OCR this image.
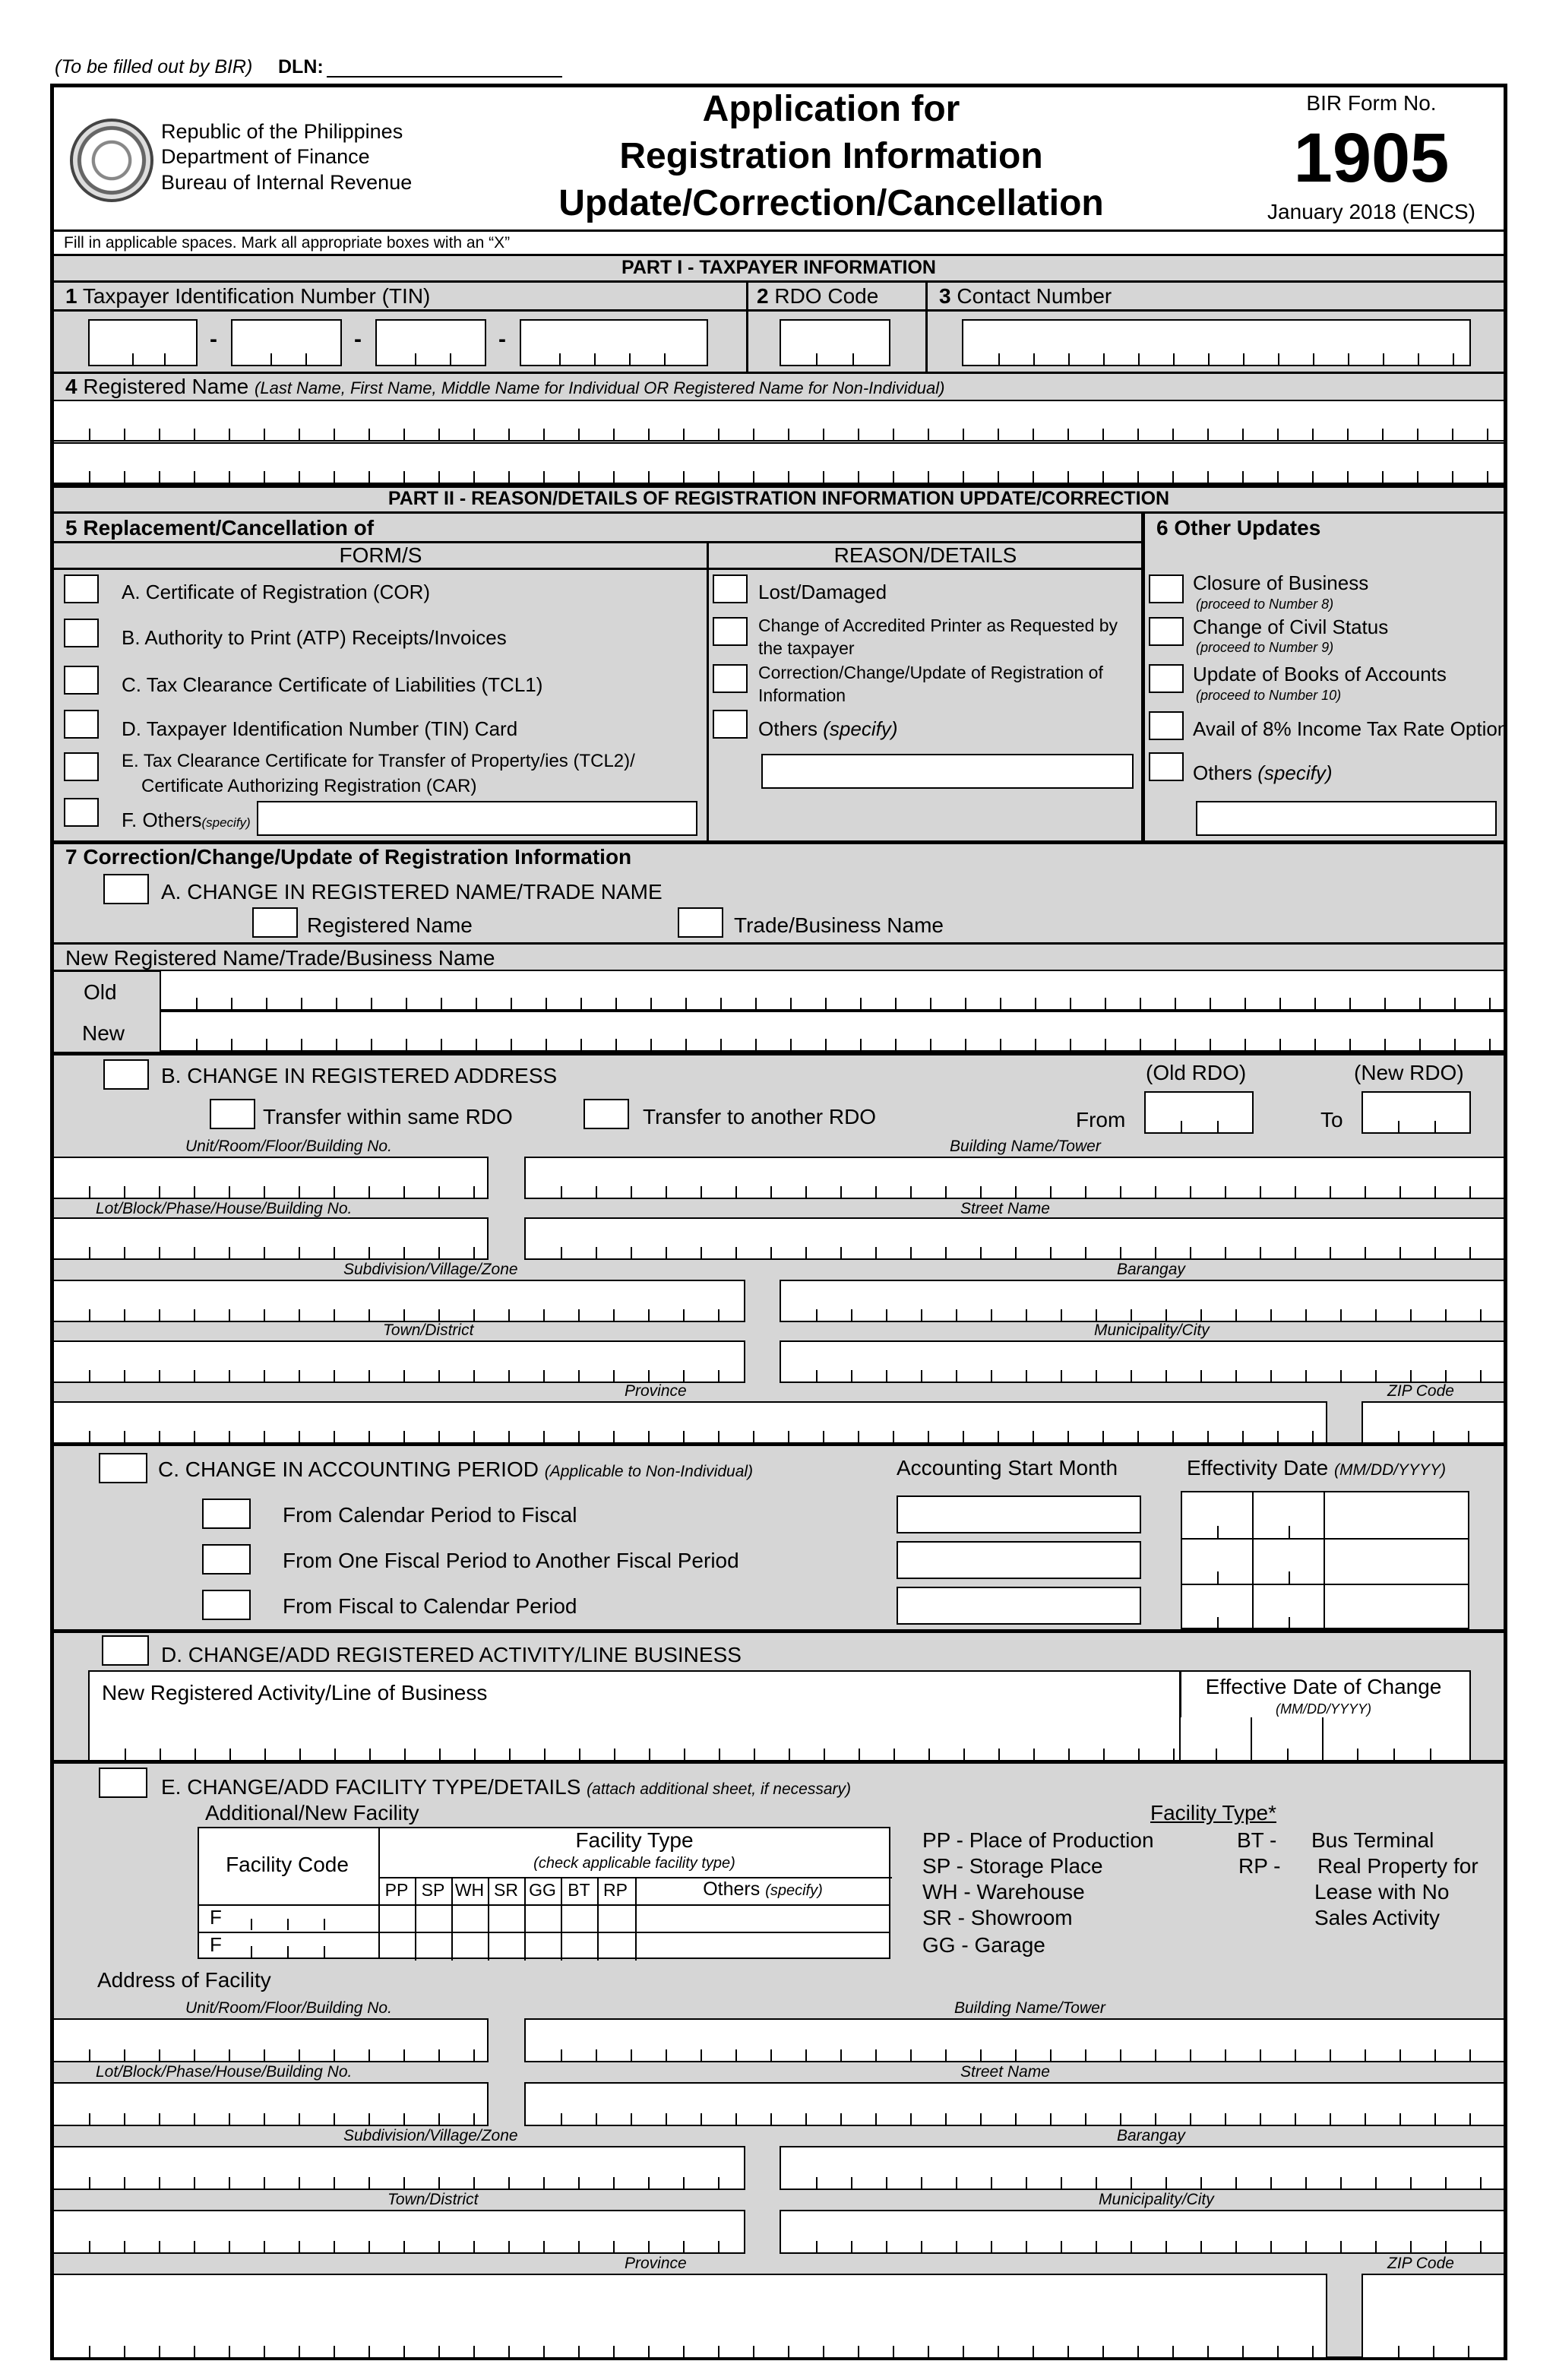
(To be filled out by BIR) DLN:
Republic of the Philippines
Department of Finance
Bureau of Internal Revenue
Application for
Registration Information
Update/Correction/Cancellation
BIR Form No.
1905
January 2018 (ENCS)
Fill in applicable spaces. Mark all appropriate boxes with an “X”
PART I - TAXPAYER INFORMATION
1 Taxpayer Identification Number (TIN)	2 RDO Code	3 Contact Number
-	-	-
4 Registered Name (Last Name, First Name, Middle Name for Individual OR Registered Name for Non-Individual)
PART II - REASON/DETAILS OF REGISTRATION INFORMATION UPDATE/CORRECTION
5 Replacement/Cancellation of
FORM/S	REASON/DETAILS
A. Certificate of Registration (COR)
B. Authority to Print (ATP) Receipts/Invoices
C. Tax Clearance Certificate of Liabilities (TCL1)
D. Taxpayer Identification Number (TIN) Card
E. Tax Clearance Certificate for Transfer of Property/ies (TCL2)/
Certificate Authorizing Registration (CAR)
F. Others(specify)
Lost/Damaged
Change of Accredited Printer as Requested by
the taxpayer
Correction/Change/Update of Registration of
Information
Others (specify)
6 Other Updates
Closure of Business
(proceed to Number 8)
Change of Civil Status
(proceed to Number 9)
Update of Books of Accounts
(proceed to Number 10)
Avail of 8% Income Tax Rate Option
Others (specify)
7 Correction/Change/Update of Registration Information
A. CHANGE IN REGISTERED NAME/TRADE NAME
Registered Name	Trade/Business Name
New Registered Name/Trade/Business Name
Old
New
B. CHANGE IN REGISTERED ADDRESS	(Old RDO)	(New RDO)
Transfer within same RDO	Transfer to another RDO	From	To
Unit/Room/Floor/Building No.	Building Name/Tower
Lot/Block/Phase/House/Building No.	Street Name
Subdivision/Village/Zone	Barangay
Town/District	Municipality/City
Province	ZIP Code
C. CHANGE IN ACCOUNTING PERIOD (Applicable to Non-Individual)	Accounting Start Month	Effectivity Date (MM/DD/YYYY)
From Calendar Period to Fiscal
From One Fiscal Period to Another Fiscal Period
From Fiscal to Calendar Period
D. CHANGE/ADD REGISTERED ACTIVITY/LINE BUSINESS
New Registered Activity/Line of Business	Effective Date of Change
(MM/DD/YYYY)
E. CHANGE/ADD FACILITY TYPE/DETAILS (attach additional sheet, if necessary)
Additional/New Facility
Facility Code
Facility Type
(check applicable facility type)
PP SP WH SR GG BT RP	Others (specify)
F
F
Facility Type*
PP - Place of Production
SP - Storage Place
WH - Warehouse
SR - Showroom
GG - Garage
BT - Bus Terminal
RP - Real Property for
Lease with No
Sales Activity
Address of Facility
Unit/Room/Floor/Building No.	Building Name/Tower
Lot/Block/Phase/House/Building No.	Street Name
Subdivision/Village/Zone	Barangay
Town/District	Municipality/City
Province	ZIP Code
